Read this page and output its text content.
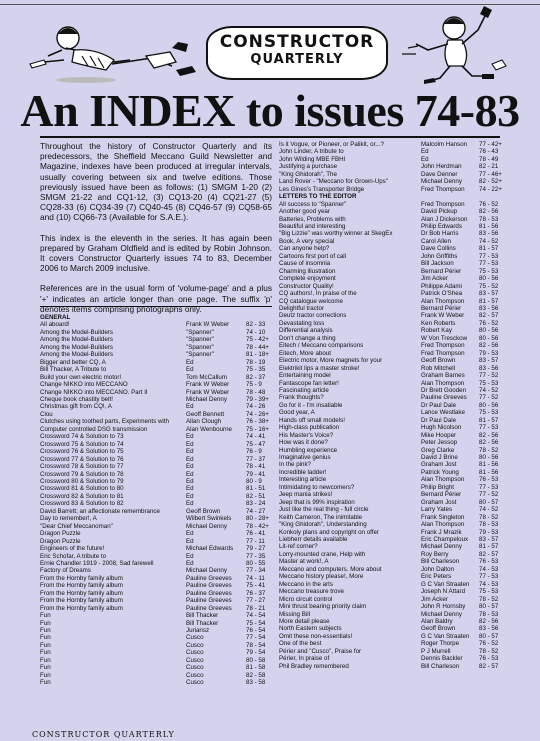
CONSTRUCTOR
QUARTERLY
An INDEX to issues 74-83

Throughout the history of Constructor Quarterly and its predecessors, the Sheffield Meccano Guild Newsletter and Magazine, indexes have been produced at irregular intervals, usually covering between six and twelve editions. Those previously issued have been as follows: (1) SMGM 1-20 (2) SMGM 21-22 and CQ1-12, (3) CQ13-20 (4) CQ21-27 (5) CQ28-33 (6) CQ34-39 (7) CQ40-45 (8) CQ46-57 (9) CQ58-65 and (10) CQ66-73 (Available for S.A.E.).

This index is the eleventh in the series. It has again been prepared by Graham Oldfield and is edited by Robin Johnson. It covers Constructor Quarterly issues 74 to 83, December 2006 to March 2009 inclusive.

References are in the usual form of 'volume-page' and a plus '+' indicates an article longer than one page. The suffix 'p' denotes items comprising photographs only.

GENERAL
All aboard!	Frank W Weber	82 - 33
Among the Model-Builders	"Spanner"	74 - 10
Among the Model-Builders	"Spanner"	75 - 42+
Among the Model-Builders	"Spanner"	78 - 44+
Among the Model-Builders	"Spanner"	81 - 18+
Bigger and better CQ, A	Ed	78 - 19
Bill Thacker, A Tribute to	Ed	75 - 35
Build your own electric motor!	Tom McCallum	82 - 37
Change NIKKO into MECCANO	Frank W Weber	75 - 9
Change NIKKO into MECCANO. Part II	Frank W Weber	78 - 48
Cheque book chastity belt!	Michael Denny	79 - 39+
Christmas gift from CQ!, A	Ed	74 - 26
Clou	Geoff Bennett	74 - 26+
Clutches using toothed parts, Experiments with	Allan Clough	76 - 38+
Computer controlled DSG transmission	Alan Wenbourne	75 - 16+
Crossword 74 & Solution to 73	Ed	74 - 41
Crossword 75 & Solution to 74	Ed	75 - 47
Crossword 76 & Solution to 75	Ed	76 - 9
Crossword 77 & Solution to 76	Ed	77 - 37
Crossword 78 & Solution to 77	Ed	78 - 41
Crossword 79 & Solution to 78	Ed	79 - 41
Crossword 80 & Solution to 79	Ed	80 - 9
Crossword 81 & Solution to 80	Ed	81 - 51
Crossword 82 & Solution to 81	Ed	82 - 51
Crossword 83 & Solution to 82	Ed	83 - 24
David Barrett; an affectionate remembrance	Geoff Brown	74 - 27
Day to remember!, A	Wilbert Swinkels	80 - 28+
"Dear Chief Meccanoman"	Michael Denny	78 - 42+
Dragon Puzzle	Ed	76 - 41
Dragon Puzzle	Ed	77 - 11
Engineers of the future!	Michael Edwards	79 - 27
Eric Schofar, A tribute to	Ed	77 - 35
Ernie Chandler 1919 - 2008, Sad farewell	Ed	80 - 55
Factory of Dreams	Michael Denny	77 - 34
From the Hornby family album	Pauline Greeves	74 - 11
From the Hornby family album	Pauline Greeves	75 - 41
From the Hornby family album	Pauline Greeves	76 - 37
From the Hornby family album	Pauline Greeves	77 - 27
From the Hornby family album	Pauline Greeves	78 - 21
Fun	Bill Thacker	74 - 54
Fun	Bill Thacker	75 - 54
Fun	Juriansz	76 - 54
Fun	Cusco	77 - 54
Fun	Cusco	78 - 54
Fun	Cusco	79 - 54
Fun	Cusco	80 - 58
Fun	Cusco	81 - 58
Fun	Cusco	82 - 58
Fun	Cusco	83 - 58
Is it Vogue, or Pioneer, or Palikit, or...?	Malcolm Hanson	77 - 42+
John Linder, A tribute to	Ed	76 - 43
John Wilding MBE FBHI	Ed	78 - 49
Justifying a purchase	John Herdman	82 - 21
"King Ghidorah", The	Dave Denner	77 - 46+
Land Rover - "Meccano for Grown-Ups"	Michael Denny	82 - 52+
Les Gines's Transporter Bridge	Fred Thompson	74 - 22+
LETTERS TO THE EDITOR
All success to "Spanner"	Fred Thompson	76 - 52
Another good year	David Pickup	82 - 56
Batteries, Problems with	Alan J Dickerson	78 - 53
Beautiful and interesting	Philip Edwards	81 - 56
"Big Lizzie" was worthy winner at SkegEx	Dr Bob Harris	83 - 56
Book, A very special	Carol Allen	74 - 52
Can anyone help?	Dave Collins	81 - 57
Cartoons first port of call	John Griffiths	77 - 53
Cause of insomnia	Bill Jackson	77 - 53
Charming illustration	Bernard Périer	75 - 53
Complete enjoyment	Jim Acker	80 - 56
Constructor Quality!	Philippe Adami	75 - 52
CQ authors!, In praise of the	Patrick O'Shea	83 - 57
CQ catalogue welcome	Alan Thompson	81 - 57
Delightful tractor	Bernard Périer	83 - 56
Deutz tractor corrections	Frank W Weber	82 - 57
Devastating loss	Ken Roberts	76 - 52
Differential analysis	Robert Kay	80 - 56
Don't change a thing	W Von Tresckow	80 - 56
Eitech / Meccano comparisons	Fred Thompson	82 - 56
Eitech, More about	Fred Thompson	79 - 53
Electric motor, More magnets for your	Geoff Brown	83 - 57
Elektrikit lips a master stroke!	Rob Mitchell	83 - 56
Entertaining model	Graham Barnes	77 - 52
Fantascope fan letter!	Alan Thompson	75 - 53
Fascinating article	Dr Brett Gooden	74 - 52
Frank thoughts?	Pauline Greeves	77 - 52
Go for it - I'm insatiable	Dr Paul Dale	80 - 56
Good year, A	Lance Westlake	75 - 53
Hands off small models!	Dr Paul Dale	81 - 57
High-class publication	Hugh Nicolson	77 - 53
His Master's Voice?	Mike Hooper	82 - 56
How was it done?	Peter Jessop	82 - 56
Humbling experience	Greg Clarke	78 - 52
Imaginative genius	David J Brine	80 - 56
In the pink?	Graham Jost	81 - 56
Incredible ladder!	Patrick Young	81 - 56
Interesting article	Alan Thompson	76 - 53
Intimidating to newcomers?	Philip Bright	77 - 53
Jeep mania strikes!	Bernard Périer	77 - 52
Jeep that is 99% inspiration	Graham Jost	80 - 57
Just like the real thing - full circle	Larry Yates	74 - 52
Keith Cameron, The inimitable	Frank Singleton	78 - 52
"King Ghidorah", Understanding	Alan Thompson	78 - 53
Konkoly plans and copyright on offer	Frank J Mrazik	79 - 53
Liebherr details available	Eric Champeloux	83 - 57
Lit-ref corner?	Michael Denny	81 - 57
Lorry-mounted crane, Help with	Roy Berry	82 - 57
Master at work!, A	Bill Charleson	76 - 53
Meccano and computers. More about	John Dalton	74 - 53
Meccano history please!, More	Eric Peters	77 - 53
Meccano in the arts	G C Van Straaten	74 - 53
Meccano treasure trove	Joseph N Attard	75 - 53
Micro circuit control	Jim Acker	78 - 52
Mini thrust bearing priority claim	John R Hornsby	80 - 57
Missing Bill	Michael Denny	78 - 53
More detail please	Alan Baldry	82 - 56
North Eastern subjects	Geoff Brown	83 - 56
Omit these non-essentials!	G C Van Straaten	80 - 57
One of the best	Roger Thorpe	76 - 52
Périer and "Cusco", Praise for	P J Murrell	78 - 52
Périer, In praise of	Dennis Backler	76 - 53
Phil Bradley remembered	Bill Charleson	82 - 57
CONSTRUCTOR QUARTERLY
